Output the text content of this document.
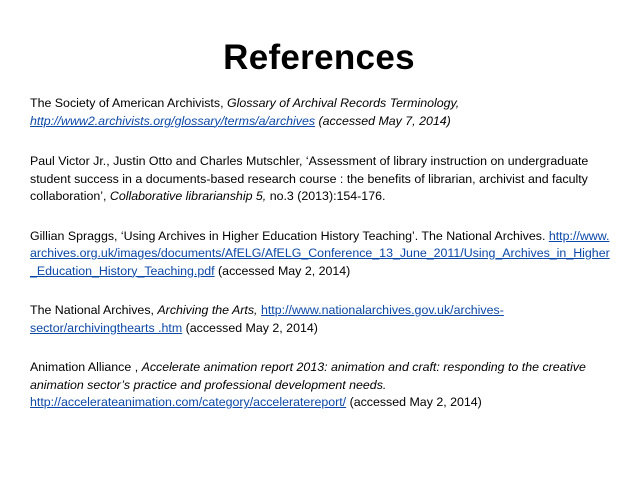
References
The Society of American Archivists, Glossary of Archival Records Terminology,
http://www2.archivists.org/glossary/terms/a/archives (accessed May 7, 2014)
Paul Victor Jr., Justin Otto and Charles Mutschler, ‘Assessment of library instruction on undergraduate student success in a documents-based research course : the benefits of librarian, archivist and faculty collaboration’, Collaborative librarianship 5, no.3 (2013):154-176.
Gillian Spraggs, ‘Using Archives in Higher Education History Teaching’. The National Archives. http://www.archives.org.uk/images/documents/AfELG/AfELG_Conference_13_June_2011/Using_Archives_in_Higher_Education_History_Teaching.pdf (accessed May 2, 2014)
The National Archives, Archiving the Arts, http://www.nationalarchives.gov.uk/archives-
sector/archivingthearts .htm (accessed May 2, 2014)
Animation Alliance , Accelerate animation report 2013: animation and craft: responding to the creative animation sector’s practice and professional development needs.
http://accelerateanimation.com/category/acceleratereport/ (accessed May 2, 2014)
